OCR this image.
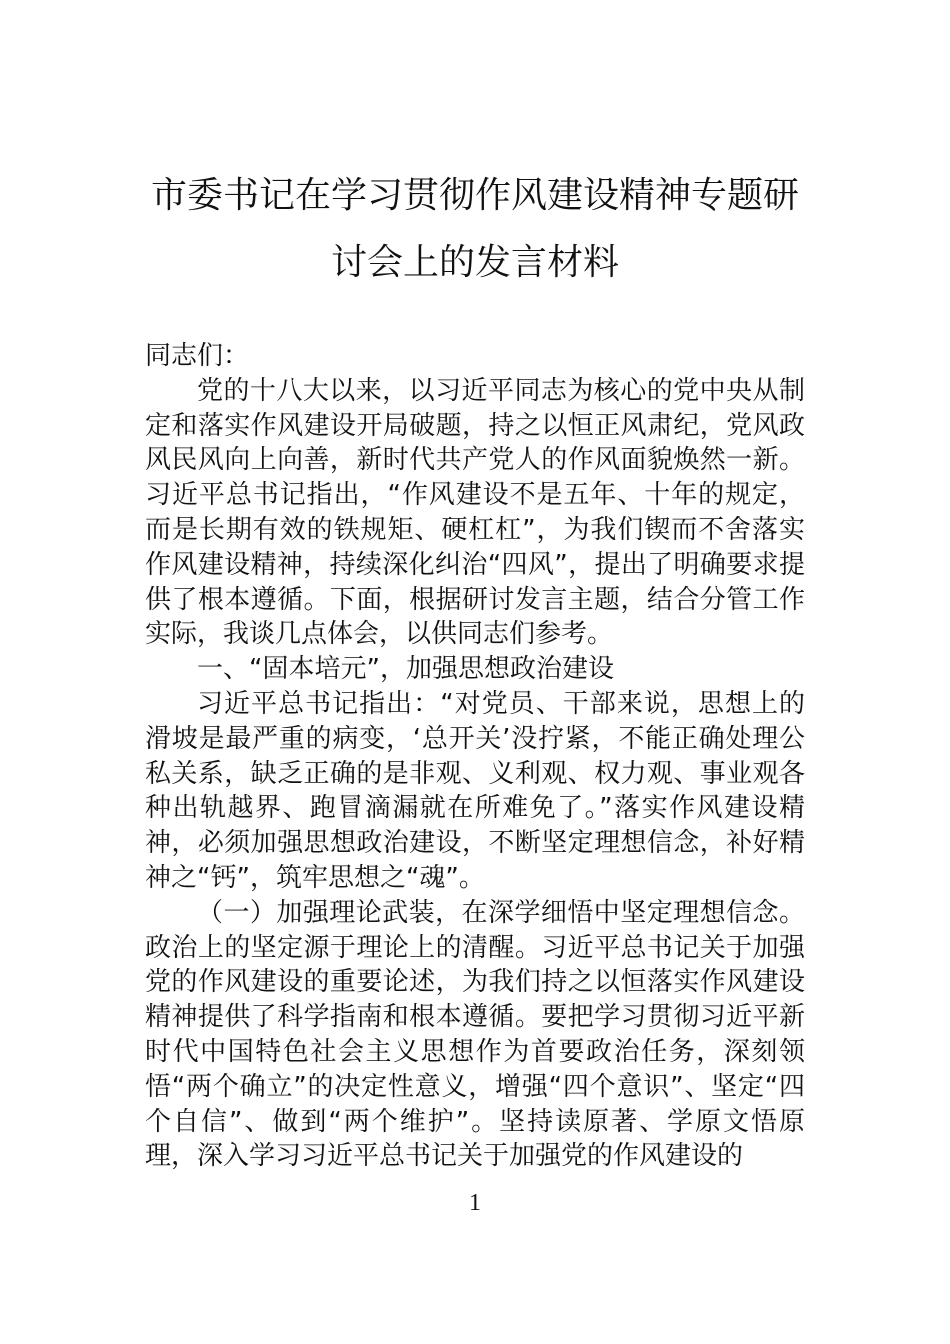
市委书记在学习贯彻作风建设精神专题研
讨会上的发言材料

同志们：

党的十八大以来，以习近平同志为核心的党中央从制定和落实作风建设开局破题，持之以恒正风肃纪，党风政风民风向上向善，新时代共产党人的作风面貌焕然一新。习近平总书记指出，“作风建设不是五年、十年的规定，而是长期有效的铁规矩、硬杠杠”，为我们锲而不舍落实作风建设精神，持续深化纠治“四风”，提出了明确要求提供了根本遵循。下面，根据研讨发言主题，结合分管工作实际，我谈几点体会，以供同志们参考。

一、“固本培元”，加强思想政治建设

习近平总书记指出：“对党员、干部来说，思想上的滑坡是最严重的病变，‘总开关’没拧紧，不能正确处理公私关系，缺乏正确的是非观、义利观、权力观、事业观各种出轨越界、跑冒滴漏就在所难免了。”落实作风建设精神，必须加强思想政治建设，不断坚定理想信念，补好精神之“钙”，筑牢思想之“魂”。

（一）加强理论武装，在深学细悟中坚定理想信念。政治上的坚定源于理论上的清醒。习近平总书记关于加强党的作风建设的重要论述，为我们持之以恒落实作风建设精神提供了科学指南和根本遵循。要把学习贯彻习近平新时代中国特色社会主义思想作为首要政治任务，深刻领悟“两个确立”的决定性意义，增强“四个意识”、坚定“四个自信”、做到“两个维护”。坚持读原著、学原文悟原理，深入学习习近平总书记关于加强党的作风建设的

1
